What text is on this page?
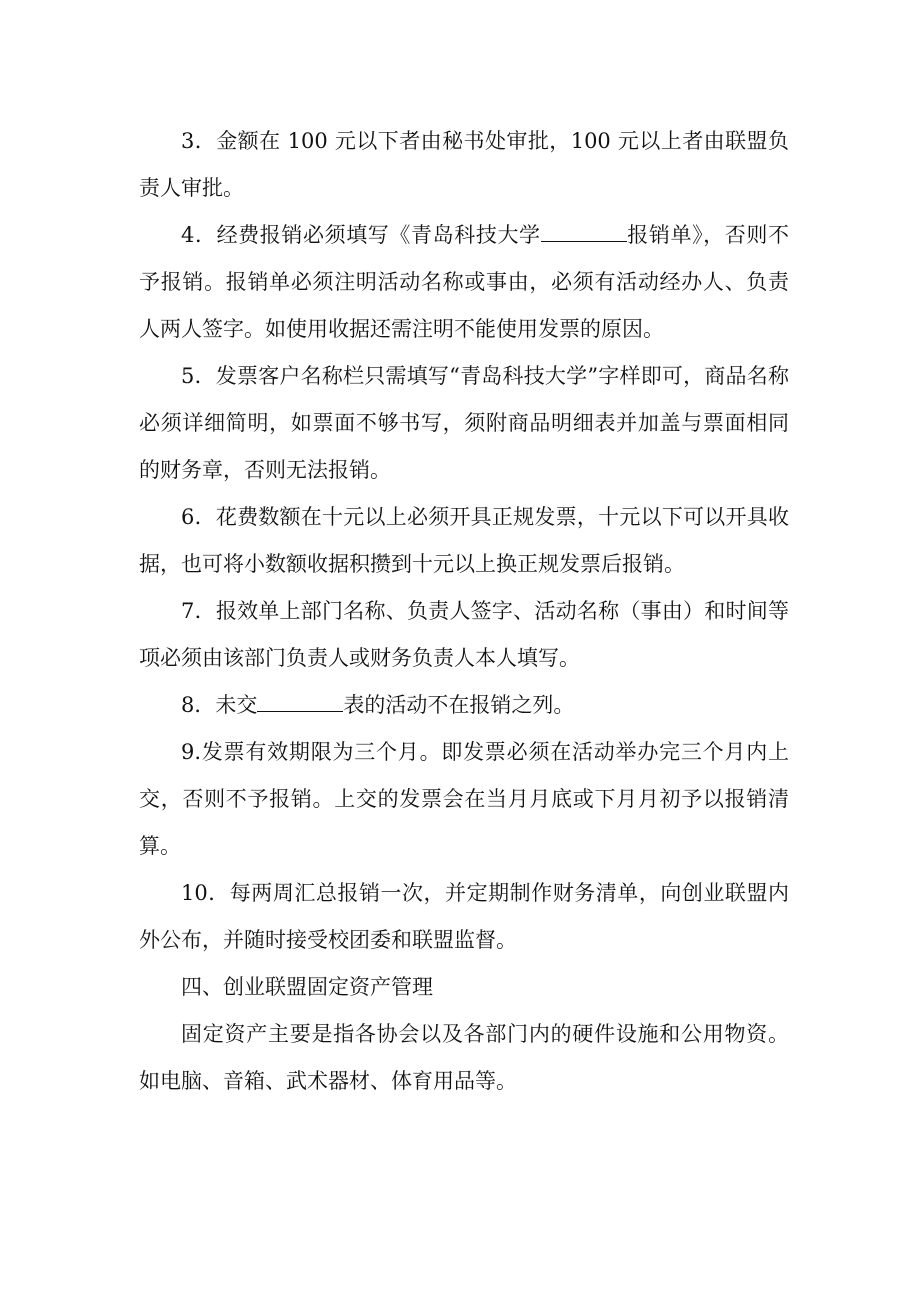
3．金额在 100 元以下者由秘书处审批，100 元以上者由联盟负责人审批。

4．经费报销必须填写《青岛科技大学	报销单》，否则不予报销。报销单必须注明活动名称或事由，必须有活动经办人、负责人两人签字。如使用收据还需注明不能使用发票的原因。

5．发票客户名称栏只需填写“青岛科技大学”字样即可，商品名称必须详细简明，如票面不够书写，须附商品明细表并加盖与票面相同的财务章，否则无法报销。

6．花费数额在十元以上必须开具正规发票，十元以下可以开具收据，也可将小数额收据积攒到十元以上换正规发票后报销。

7．报效单上部门名称、负责人签字、活动名称（事由）和时间等项必须由该部门负责人或财务负责人本人填写。

8．未交	表的活动不在报销之列。

9.发票有效期限为三个月。即发票必须在活动举办完三个月内上交，否则不予报销。上交的发票会在当月月底或下月月初予以报销清算。

10．每两周汇总报销一次，并定期制作财务清单，向创业联盟内外公布，并随时接受校团委和联盟监督。

四、创业联盟固定资产管理

固定资产主要是指各协会以及各部门内的硬件设施和公用物资。如电脑、音箱、武术器材、体育用品等。
